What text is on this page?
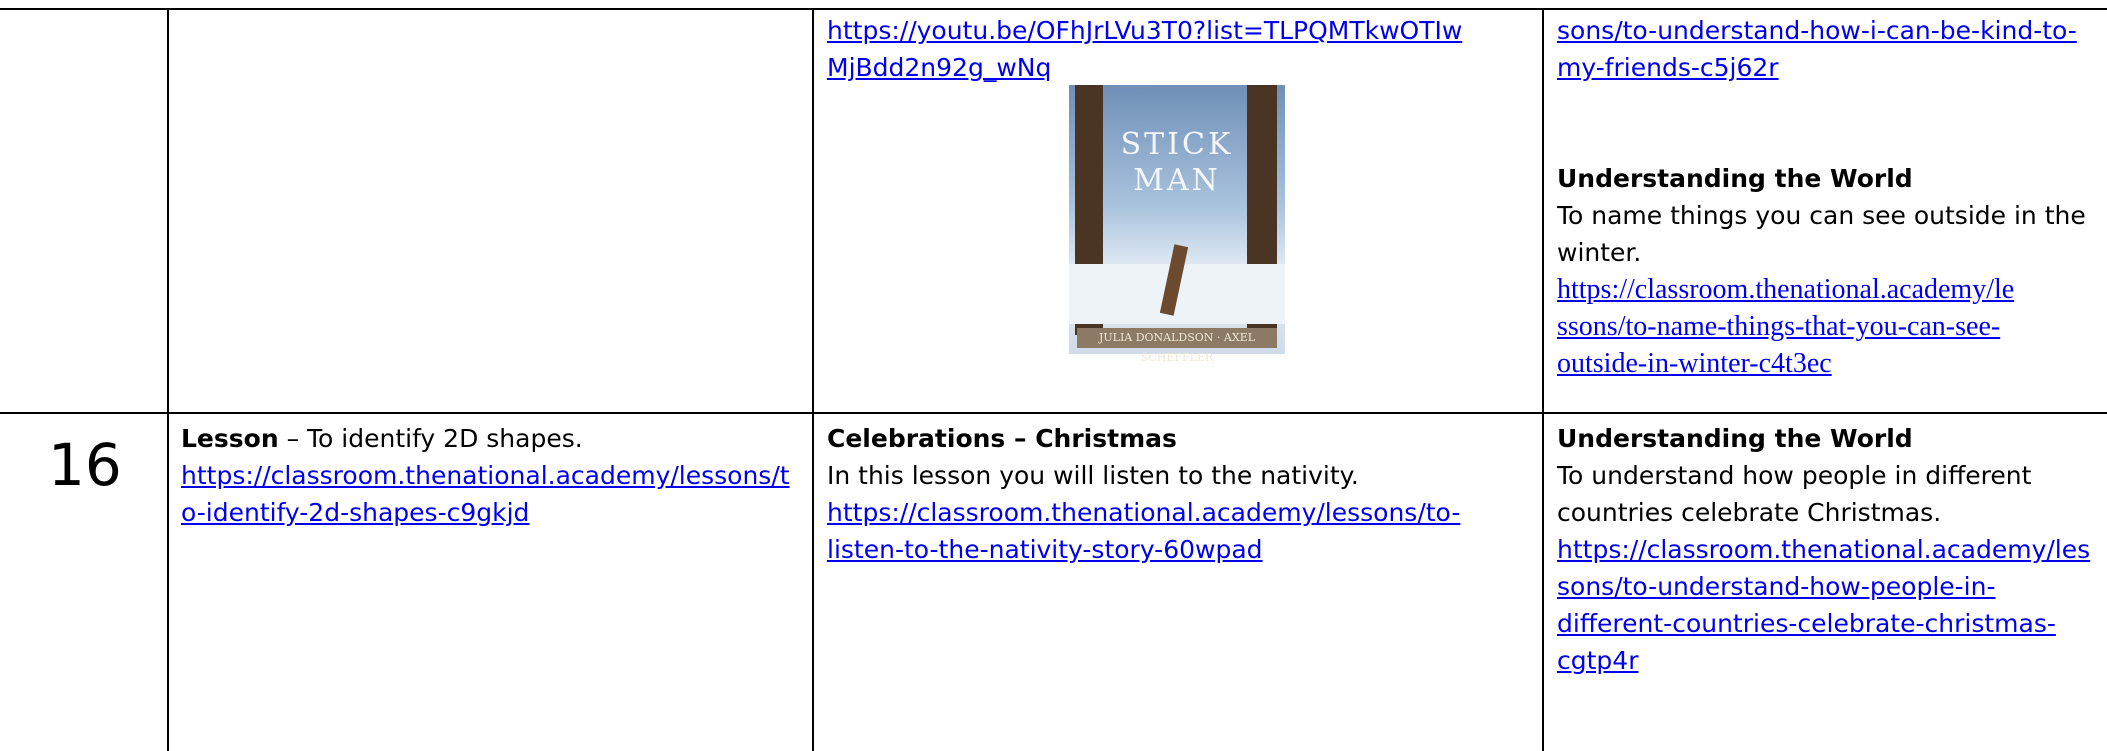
https://youtu.be/OFhJrLVu3T0?list=TLPQMTkwOTIw
MjBdd2n92g_wNq
STICK
MAN
JULIA DONALDSON · AXEL SCHEFFLER
sons/to-understand-how-i-can-be-kind-to-
my-friends-c5j62r
Understanding the World
To name things you can see outside in the winter.
https://classroom.thenational.academy/le
ssons/to-name-things-that-you-can-see-
outside-in-winter-c4t3ec
16 Lesson – To identify 2D shapes.
https://classroom.thenational.academy/lessons/t
o-identify-2d-shapes-c9gkjd
Celebrations – Christmas
In this lesson you will listen to the nativity.
https://classroom.thenational.academy/lessons/to-
listen-to-the-nativity-story-60wpad
Understanding the World
To understand how people in different
countries celebrate Christmas.
https://classroom.thenational.academy/les
sons/to-understand-how-people-in-
different-countries-celebrate-christmas-
cgtp4r
